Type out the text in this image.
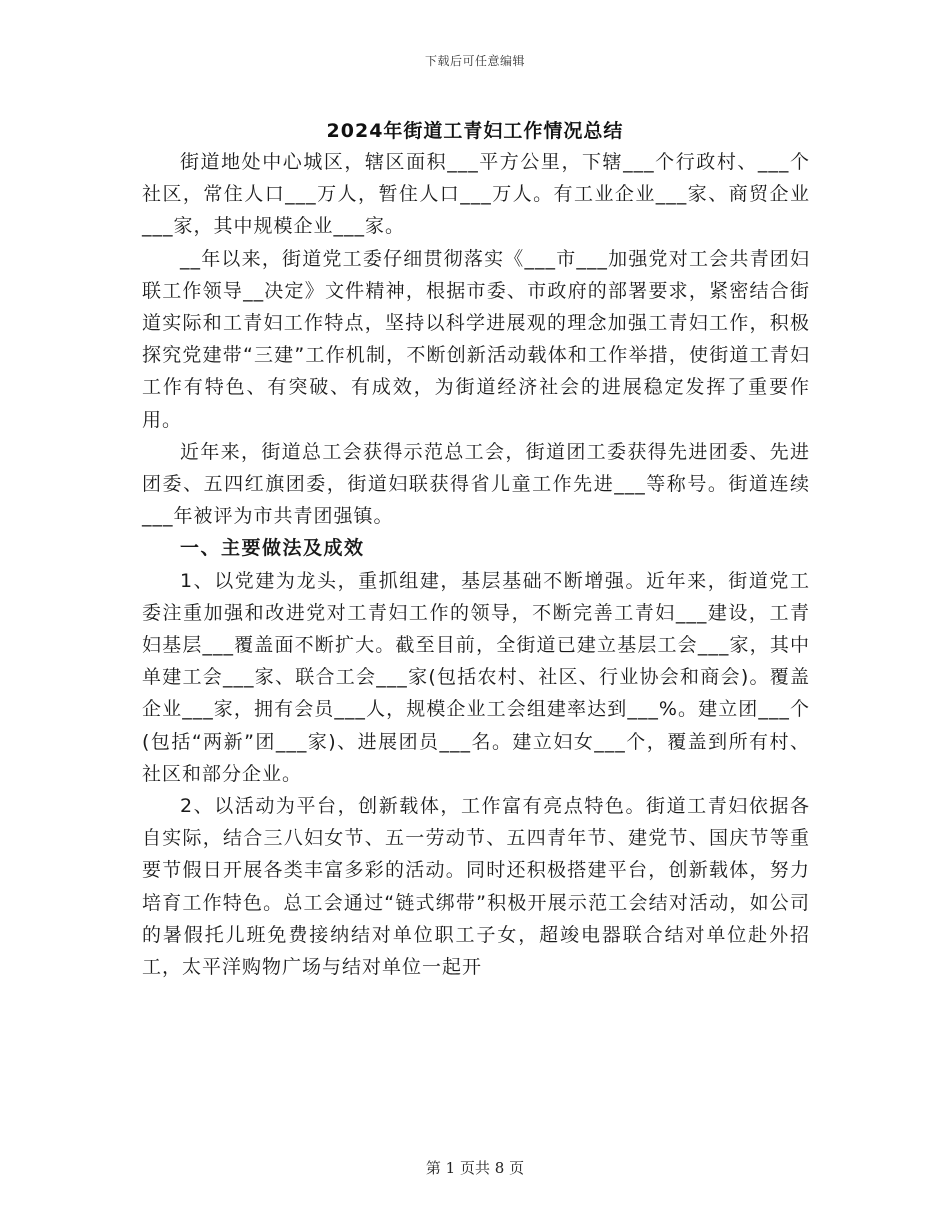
下载后可任意编辑
2024年街道工青妇工作情况总结

街道地处中心城区，辖区面积___平方公里，下辖___个行政村、___个社区，常住人口___万人，暂住人口___万人。有工业企业___家、商贸企业___家，其中规模企业___家。

__年以来，街道党工委仔细贯彻落实《___市___加强党对工会共青团妇联工作领导__决定》文件精神，根据市委、市政府的部署要求，紧密结合街道实际和工青妇工作特点，坚持以科学进展观的理念加强工青妇工作，积极探究党建带“三建”工作机制，不断创新活动载体和工作举措，使街道工青妇工作有特色、有突破、有成效，为街道经济社会的进展稳定发挥了重要作用。

近年来，街道总工会获得示范总工会，街道团工委获得先进团委、先进团委、五四红旗团委，街道妇联获得省儿童工作先进___等称号。街道连续___年被评为市共青团强镇。

一、主要做法及成效

1、以党建为龙头，重抓组建，基层基础不断增强。近年来，街道党工委注重加强和改进党对工青妇工作的领导，不断完善工青妇___建设，工青妇基层___覆盖面不断扩大。截至目前，全街道已建立基层工会___家，其中单建工会___家、联合工会___家(包括农村、社区、行业协会和商会)。覆盖企业___家，拥有会员___人，规模企业工会组建率达到___%。建立团___个(包括“两新”团___家)、进展团员___名。建立妇女___个，覆盖到所有村、社区和部分企业。

2、以活动为平台，创新载体，工作富有亮点特色。街道工青妇依据各自实际，结合三八妇女节、五一劳动节、五四青年节、建党节、国庆节等重要节假日开展各类丰富多彩的活动。同时还积极搭建平台，创新载体，努力培育工作特色。总工会通过“链式绑带”积极开展示范工会结对活动，如公司的暑假托儿班免费接纳结对单位职工子女，超竣电器联合结对单位赴外招工，太平洋购物广场与结对单位一起开

第 1 页共 8 页
